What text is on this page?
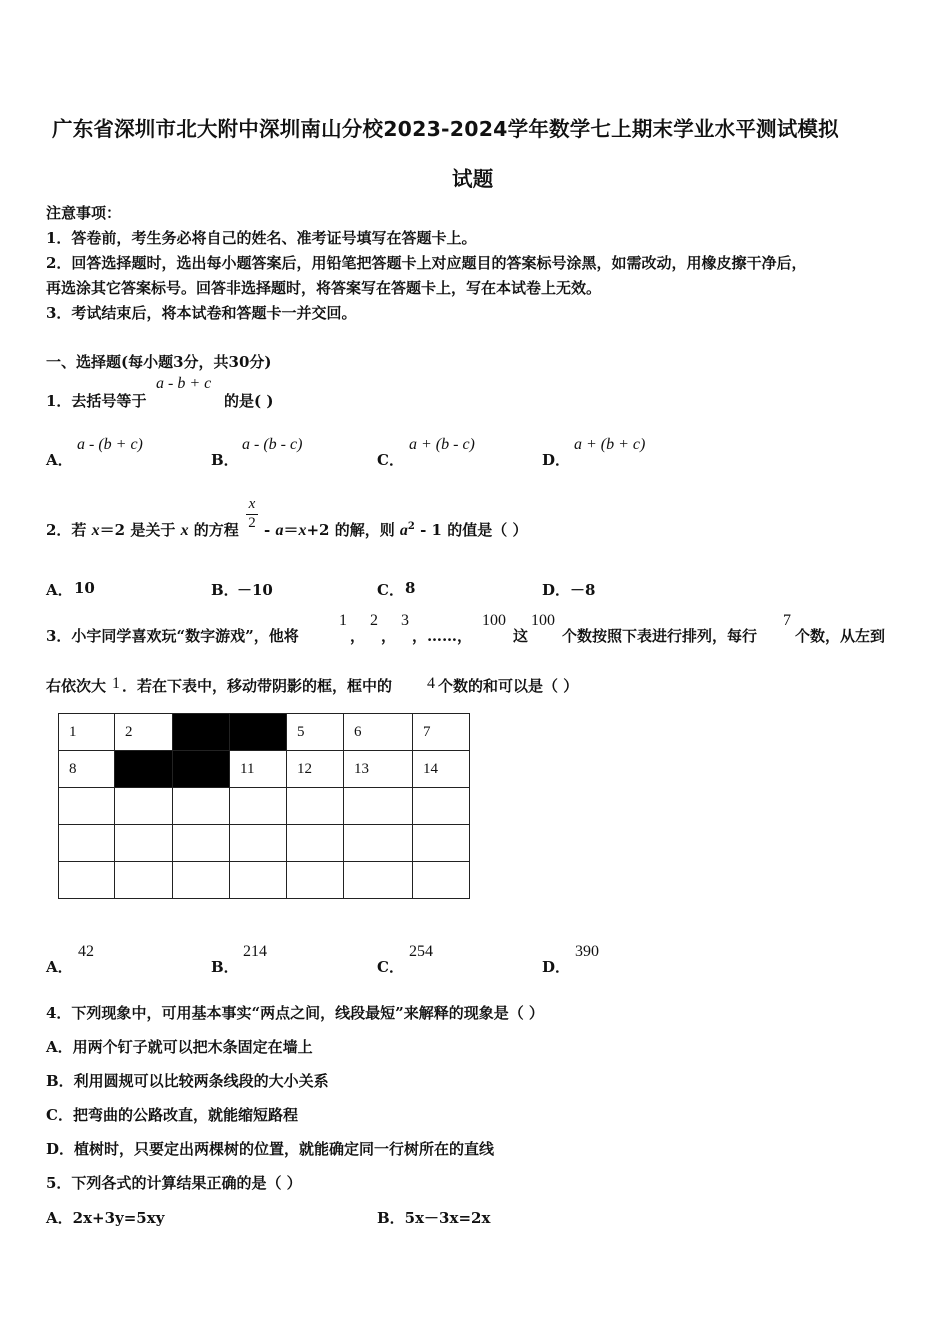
广东省深圳市北大附中深圳南山分校2023-2024学年数学七上期末学业水平测试模拟
试题
注意事项：
1．答卷前，考生务必将自己的姓名、准考证号填写在答题卡上。
2．回答选择题时，选出每小题答案后，用铅笔把答题卡上对应题目的答案标号涂黑，如需改动，用橡皮擦干净后，
再选涂其它答案标号。回答非选择题时，将答案写在答题卡上，写在本试卷上无效。
3．考试结束后，将本试卷和答题卡一并交回。
一、选择题(每小题3分，共30分)
1．去括号等于
a - b + c
的是( )
A．
a - (b + c)
B．
a - (b - c)
C．
a + (b - c)
D．
a + (b + c)
2．若 x＝2 是关于 x 的方程
x
2 - a＝x+2 的解，则 $a^2 - 1$ 的值是（ ）
A． 10	B．
－10	C． 8	D． －8
3．小宇同学喜欢玩“数字游戏”，他将
1
，
2
，
3
，……，
100
这
100
个数按照下表进行排列，每行
7
个数，从左到
右依次大 1 ．若在下表中，移动带阴影的框，框中的 4 个数的和可以是（ ）
1	2			5	6	7
8			11	12	13	14

A．
42
B．
214
C．
254
D．
390
4．下列现象中，可用基本事实“两点之间，线段最短”来解释的现象是（ ）
A．用两个钉子就可以把木条固定在墙上
B．利用圆规可以比较两条线段的大小关系
C．把弯曲的公路改直，就能缩短路程
D．植树时，只要定出两棵树的位置，就能确定同一行树所在的直线
5．下列各式的计算结果正确的是（ ）
A．2x+3y=5xy	B．5x－3x=2x
